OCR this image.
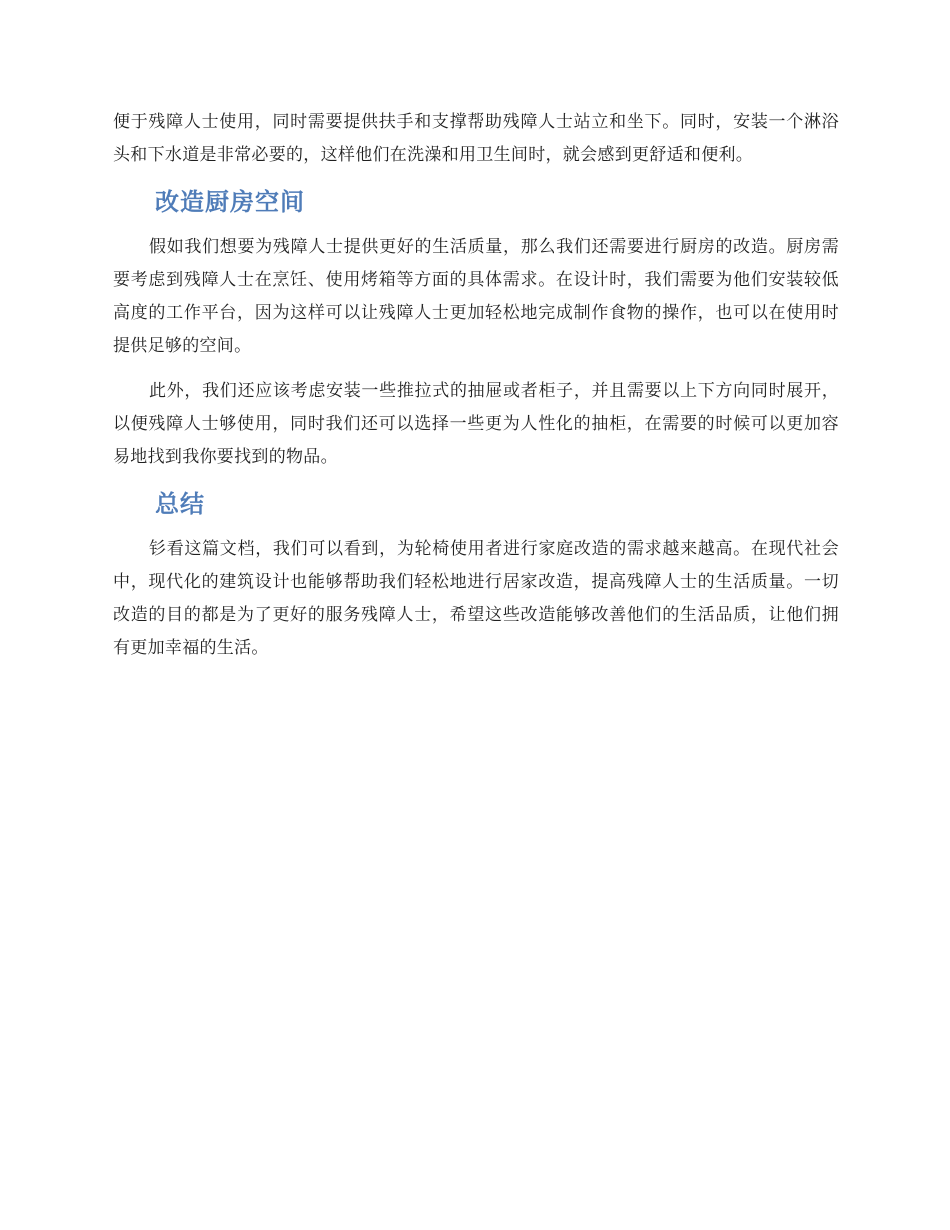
便于残障人士使用，同时需要提供扶手和支撑帮助残障人士站立和坐下。同时，安装一个淋浴头和下水道是非常必要的，这样他们在洗澡和用卫生间时，就会感到更舒适和便利。

改造厨房空间

假如我们想要为残障人士提供更好的生活质量，那么我们还需要进行厨房的改造。厨房需要考虑到残障人士在烹饪、使用烤箱等方面的具体需求。在设计时，我们需要为他们安装较低高度的工作平台，因为这样可以让残障人士更加轻松地完成制作食物的操作，也可以在使用时提供足够的空间。

此外，我们还应该考虑安装一些推拉式的抽屉或者柜子，并且需要以上下方向同时展开，以便残障人士够使用，同时我们还可以选择一些更为人性化的抽柜，在需要的时候可以更加容易地找到我你要找到的物品。

总结

钐看这篇文档，我们可以看到，为轮椅使用者进行家庭改造的需求越来越高。在现代社会中，现代化的建筑设计也能够帮助我们轻松地进行居家改造，提高残障人士的生活质量。一切改造的目的都是为了更好的服务残障人士，希望这些改造能够改善他们的生活品质，让他们拥有更加幸福的生活。
